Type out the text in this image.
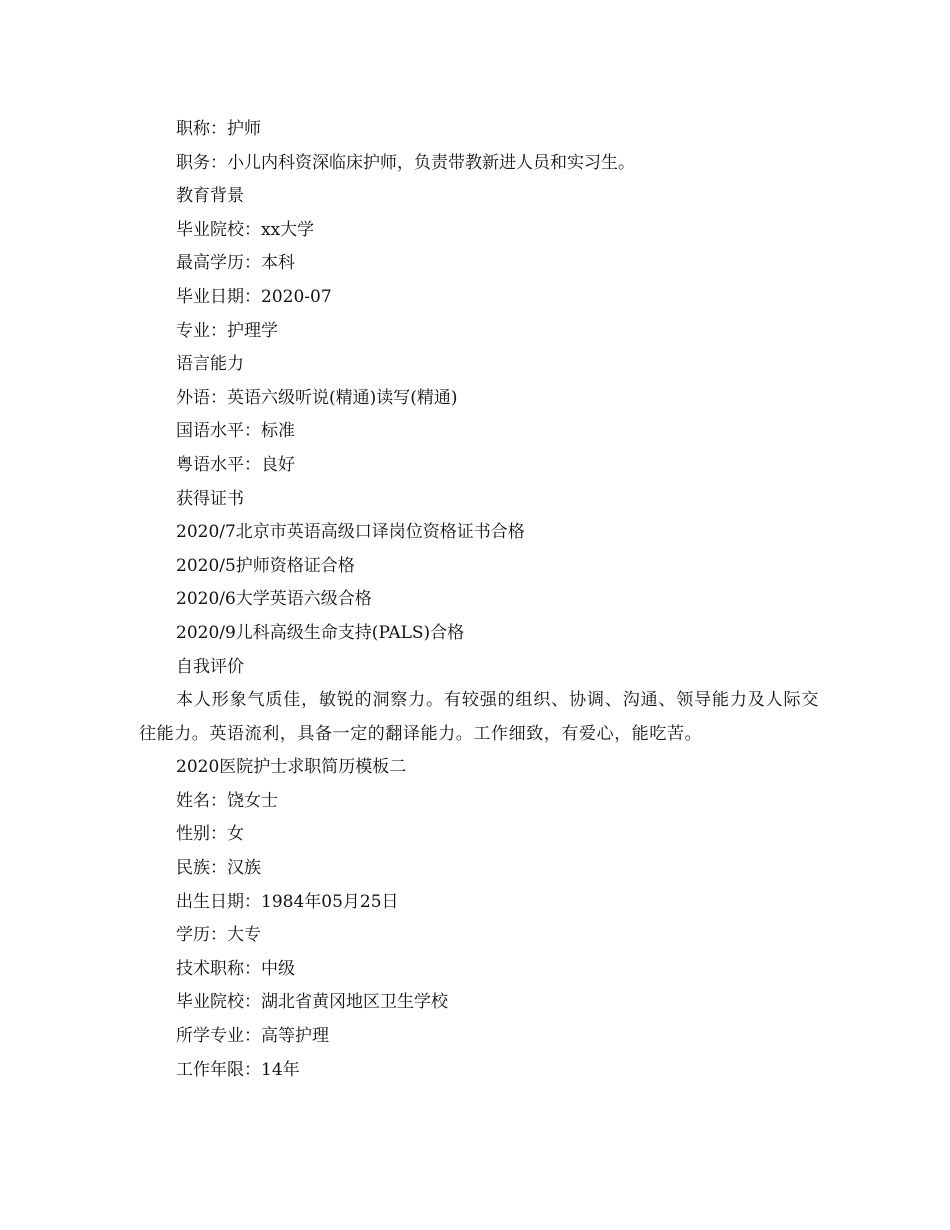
职称：护师
职务：小儿内科资深临床护师，负责带教新进人员和实习生。
教育背景
毕业院校：xx大学
最高学历：本科
毕业日期：2020-07
专业：护理学
语言能力
外语：英语六级听说(精通)读写(精通)
国语水平：标准
粤语水平：良好
获得证书
2020/7北京市英语高级口译岗位资格证书合格
2020/5护师资格证合格
2020/6大学英语六级合格
2020/9儿科高级生命支持(PALS)合格
自我评价
本人形象气质佳，敏锐的洞察力。有较强的组织、协调、沟通、领导能力及人际交往能力。英语流利，具备一定的翻译能力。工作细致，有爱心，能吃苦。
2020医院护士求职简历模板二
姓名：饶女士
性别：女
民族：汉族
出生日期：1984年05月25日
学历：大专
技术职称：中级
毕业院校：湖北省黄冈地区卫生学校
所学专业：高等护理
工作年限：14年
